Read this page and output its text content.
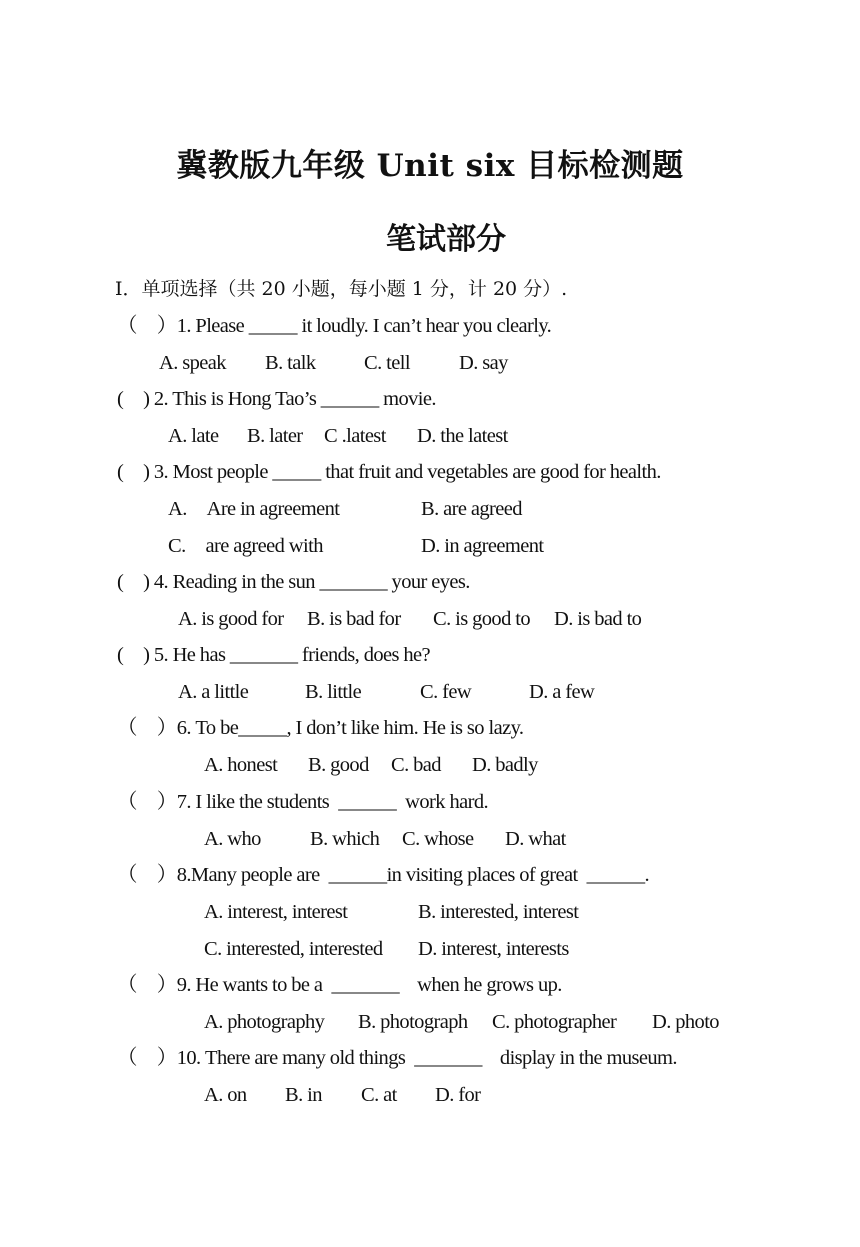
冀教版九年级 Unit six 目标检测题
笔试部分
Ⅰ．单项选择（共 20 小题，每小题 1 分，计 20 分）.
（　）1. Please _____ it loudly. I can’t hear you clearly.
A. speak B. talk C. tell D. say
(　) 2. This is Hong Tao’s ______ movie.
A. late B. later C .latest D. the latest
(　) 3. Most people _____ that fruit and vegetables are good for health.
A.　Are in agreement	B. are agreed
C.　are agreed with	D. in agreement
(　) 4. Reading in the sun _______ your eyes.
A. is good for B. is bad for C. is good to D. is bad to
(　) 5. He has _______ friends, does he?
A. a little	B. little	C. few	D. a few
（　）6. To be_____, I don’t like him. He is so lazy.
A. honest B. good C. bad D. badly
（　）7. I like the students  ______  work hard.
A. who B. which C. whose D. what
（　）8.Many people are  ______in visiting places of great  ______.
A. interest, interest	B. interested, interest
C. interested, interested D. interest, interests
（　）9. He wants to be a  _______    when he grows up.
A. photography B. photograph C. photographer D. photo
（　）10. There are many old things  _______    display in the museum.
A. on B. in C. at D. for
